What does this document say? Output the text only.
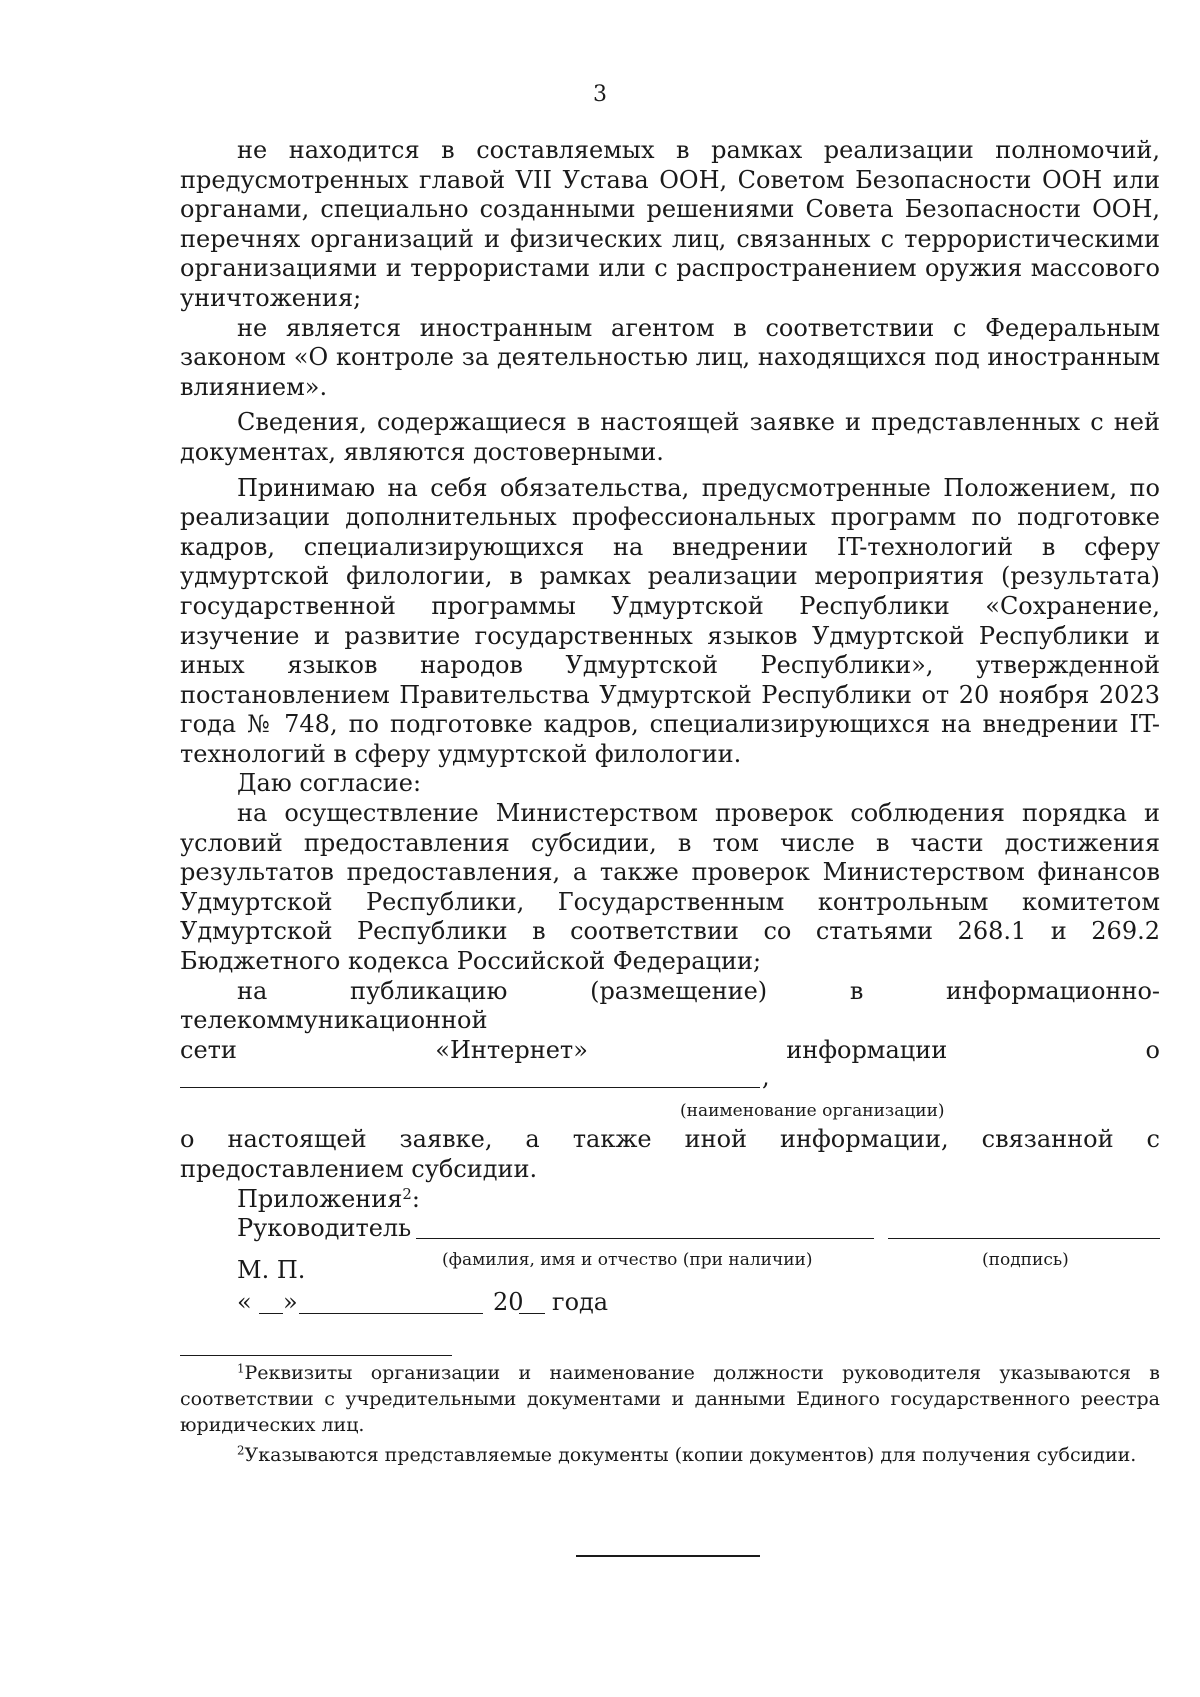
3

не находится в составляемых в рамках реализации полномочий, предусмотренных главой VII Устава ООН, Советом Безопасности ООН или органами, специально созданными решениями Совета Безопасности ООН, перечнях организаций и физических лиц, связанных с террористическими организациями и террористами или с распространением оружия массового уничтожения;

не является иностранным агентом в соответствии с Федеральным законом «О контроле за деятельностью лиц, находящихся под иностранным влиянием».

Сведения, содержащиеся в настоящей заявке и представленных с ней документах, являются достоверными.

Принимаю на себя обязательства, предусмотренные Положением, по реализации дополнительных профессиональных программ по подготовке кадров, специализирующихся на внедрении IT-технологий в сферу удмуртской филологии, в рамках реализации мероприятия (результата) государственной программы Удмуртской Республики «Сохранение, изучение и развитие государственных языков Удмуртской Республики и иных языков народов Удмуртской Республики», утвержденной постановлением Правительства Удмуртской Республики от 20 ноября 2023 года № 748, по подготовке кадров, специализирующихся на внедрении IT-технологий в сферу удмуртской филологии.

Даю согласие:

на осуществление Министерством проверок соблюдения порядка и условий предоставления субсидии, в том числе в части достижения результатов предоставления, а также проверок Министерством финансов Удмуртской Республики, Государственным контрольным комитетом Удмуртской Республики в соответствии со статьями 268.1 и 269.2 Бюджетного кодекса Российской Федерации;

на публикацию (размещение) в информационно-телекоммуникационной

сети «Интернет» информации о
,
(наименование организации)
о настоящей заявке, а также иной информации, связанной с предоставлением субсидии.

Приложения$^2$:

Руководитель
(фамилия, имя и отчество (при наличии)	(подпись)
М. П.
« »	20 года

$^1$Реквизиты организации и наименование должности руководителя указываются в соответствии с учредительными документами и данными Единого государственного реестра юридических лиц.

$^2$Указываются представляемые документы (копии документов) для получения субсидии.
